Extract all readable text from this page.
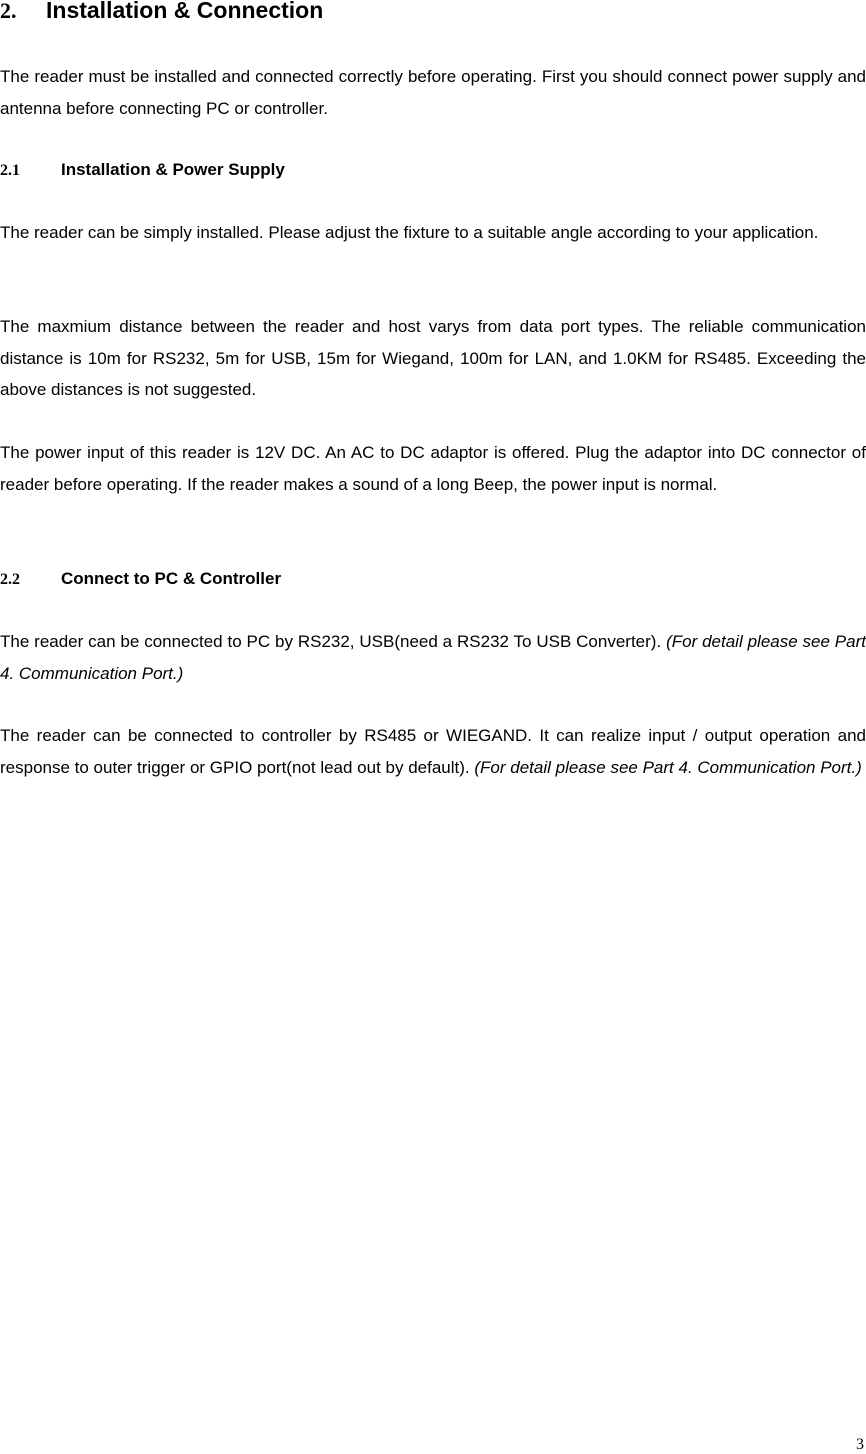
2. Installation & Connection

The reader must be installed and connected correctly before operating. First you should connect power supply and antenna before connecting PC or controller.

2.1 Installation & Power Supply

The reader can be simply installed. Please adjust the fixture to a suitable angle according to your application.

The maxmium distance between the reader and host varys from data port types. The reliable communication distance is 10m for RS232, 5m for USB, 15m for Wiegand, 100m for LAN, and 1.0KM for RS485. Exceeding the above distances is not suggested.

The power input of this reader is 12V DC. An AC to DC adaptor is offered. Plug the adaptor into DC connector of reader before operating. If the reader makes a sound of a long Beep, the power input is normal.

2.2 Connect to PC & Controller

The reader can be connected to PC by RS232, USB(need a RS232 To USB Converter). (For detail please see Part 4. Communication Port.)

The reader can be connected to controller by RS485 or WIEGAND. It can realize input / output operation and response to outer trigger or GPIO port(not lead out by default). (For detail please see Part 4. Communication Port.)

3
